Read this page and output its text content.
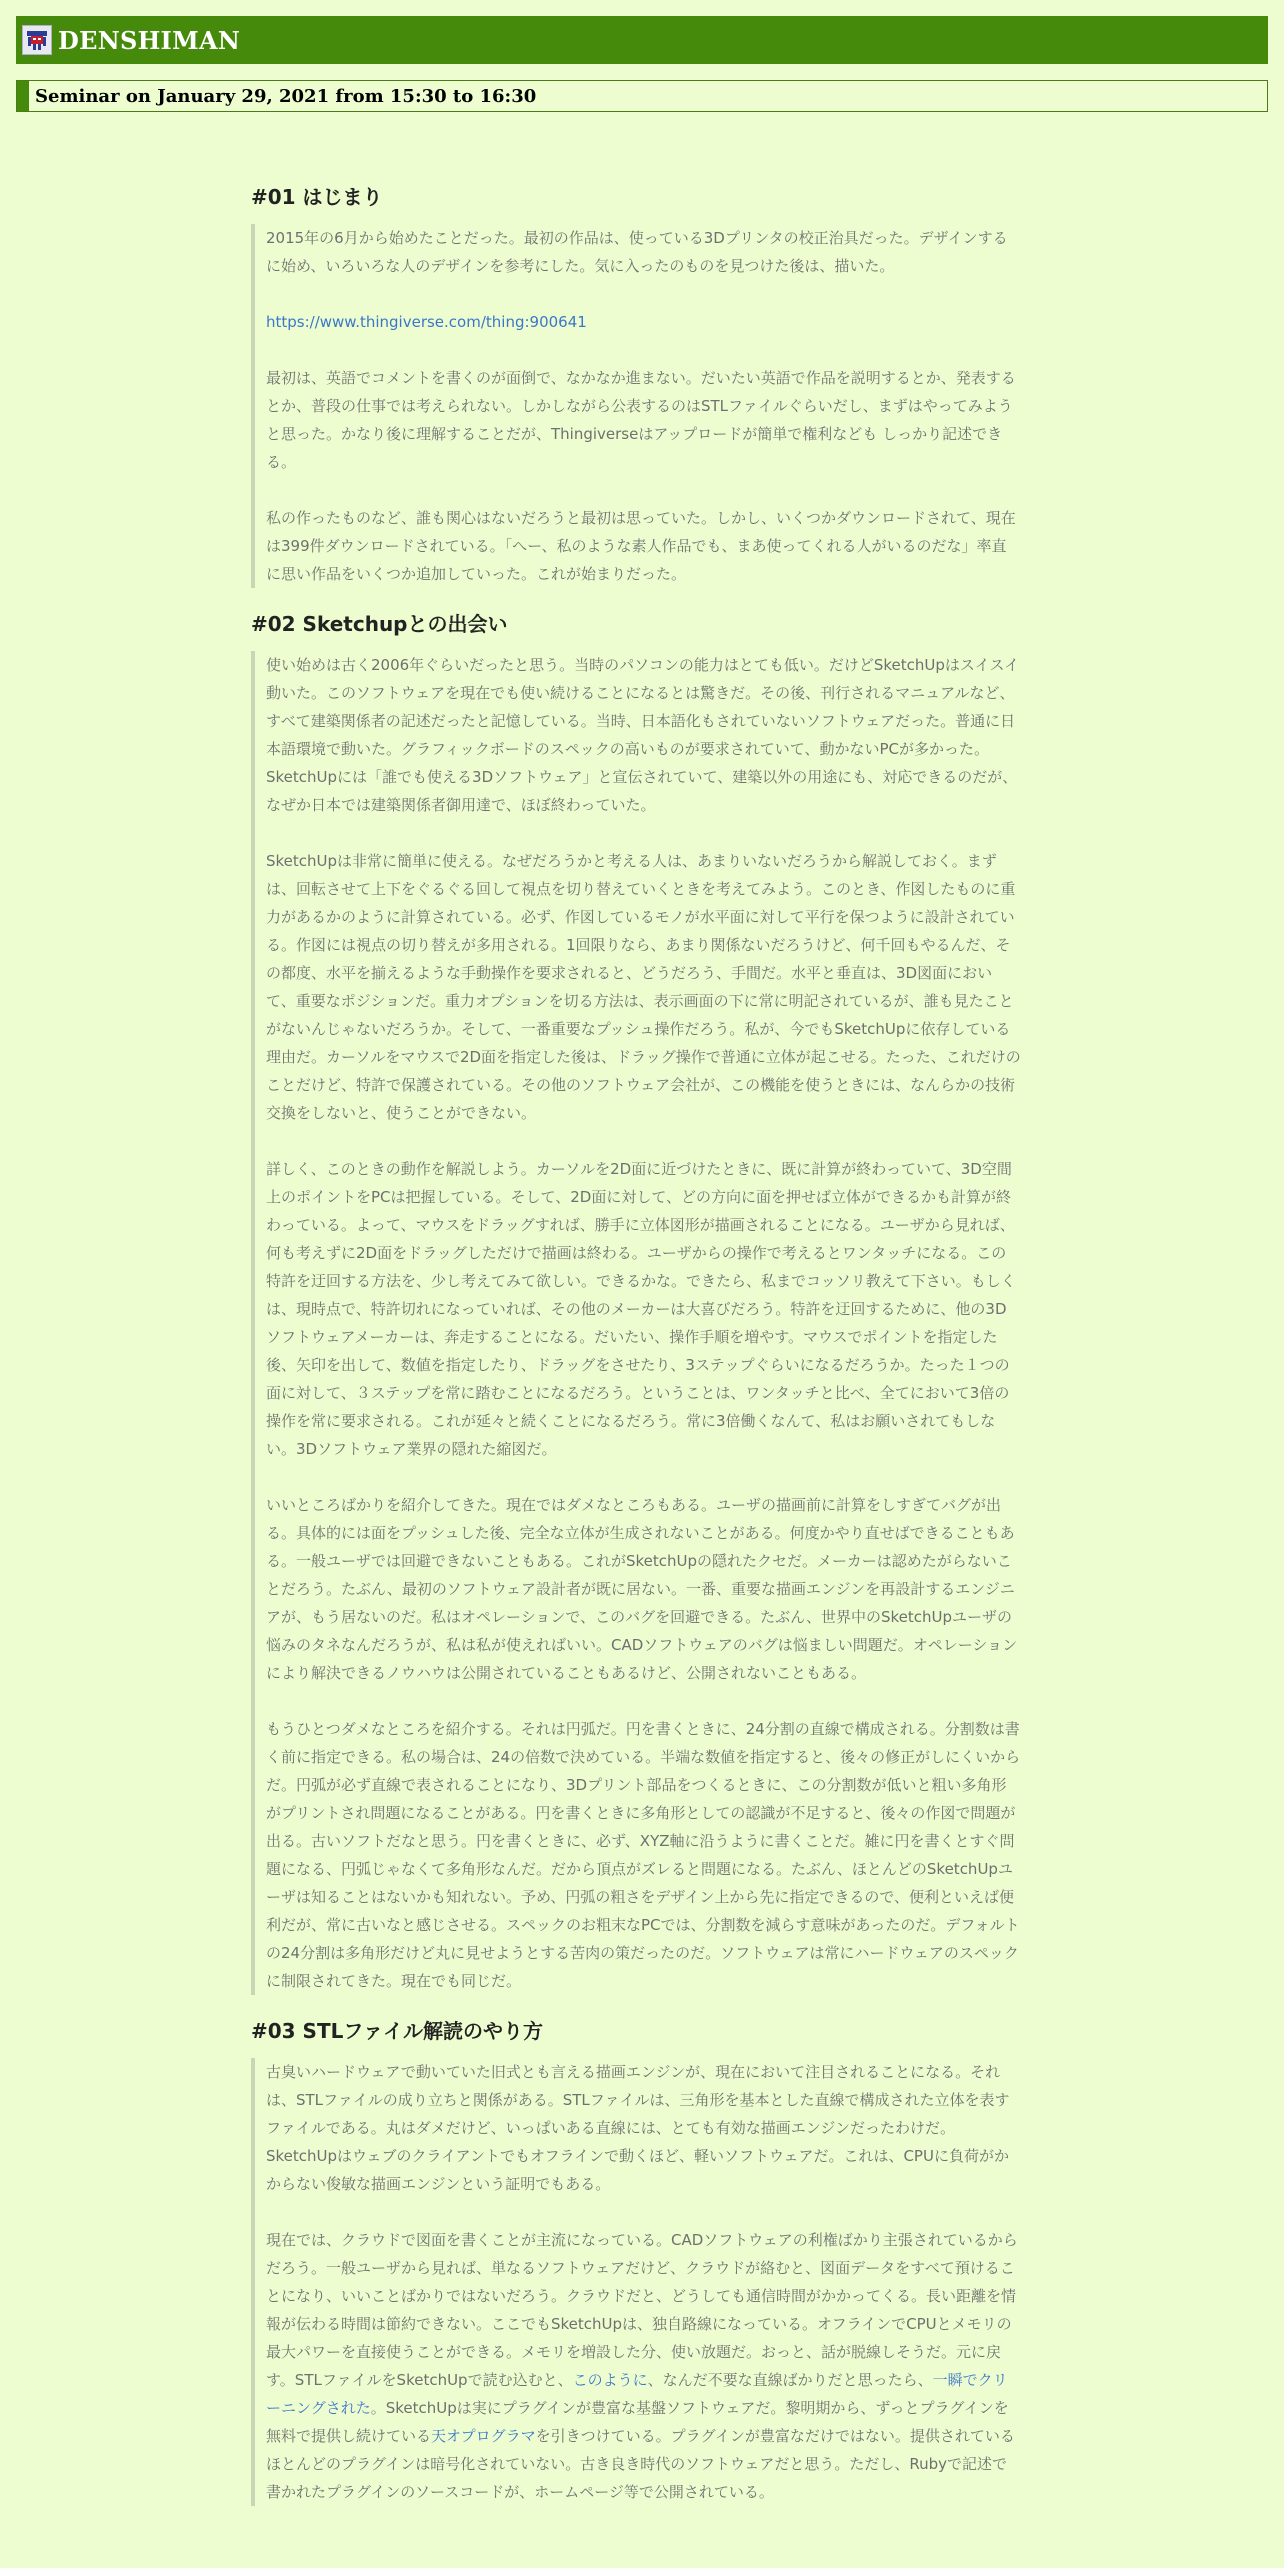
DENSHIMAN
Seminar on January 29, 2021 from 15:30 to 16:30
#01 はじまり

2015年の6月から始めたことだった。最初の作品は、使っている3Dプリンタの校正治具だった。デザインするに始め、いろいろな人のデザインを参考にした。気に入ったのものを見つけた後は、描いた。

https://www.thingiverse.com/thing:900641

最初は、英語でコメントを書くのが面倒で、なかなか進まない。だいたい英語で作品を説明するとか、発表するとか、普段の仕事では考えられない。しかしながら公表するのはSTLファイルぐらいだし、まずはやってみようと思った。かなり後に理解することだが、Thingiverseはアップロードが簡単で権利なども しっかり記述できる。

私の作ったものなど、誰も関心はないだろうと最初は思っていた。しかし、いくつかダウンロードされて、現在は399件ダウンロードされている。「へー、私のような素人作品でも、まあ使ってくれる人がいるのだな」率直に思い作品をいくつか追加していった。これが始まりだった。

#02 Sketchupとの出会い

使い始めは古く2006年ぐらいだったと思う。当時のパソコンの能力はとても低い。だけどSketchUpはスイスイ動いた。このソフトウェアを現在でも使い続けることになるとは驚きだ。その後、刊行されるマニュアルなど、すべて建築関係者の記述だったと記憶している。当時、日本語化もされていないソフトウェアだった。普通に日本語環境で動いた。グラフィックボードのスペックの高いものが要求されていて、動かないPCが多かった。SketchUpには「誰でも使える3Dソフトウェア」と宣伝されていて、建築以外の用途にも、対応できるのだが、なぜか日本では建築関係者御用達で、ほぼ終わっていた。

SketchUpは非常に簡単に使える。なぜだろうかと考える人は、あまりいないだろうから解説しておく。まずは、回転させて上下をぐるぐる回して視点を切り替えていくときを考えてみよう。このとき、作図したものに重力があるかのように計算されている。必ず、作図しているモノが水平面に対して平行を保つように設計されている。作図には視点の切り替えが多用される。1回限りなら、あまり関係ないだろうけど、何千回もやるんだ、その都度、水平を揃えるような手動操作を要求されると、どうだろう、手間だ。水平と垂直は、3D図面において、重要なポジションだ。重力オプションを切る方法は、表示画面の下に常に明記されているが、誰も見たことがないんじゃないだろうか。そして、一番重要なプッシュ操作だろう。私が、今でもSketchUpに依存している理由だ。カーソルをマウスで2D面を指定した後は、ドラッグ操作で普通に立体が起こせる。たった、これだけのことだけど、特許で保護されている。その他のソフトウェア会社が、この機能を使うときには、なんらかの技術交換をしないと、使うことができない。

詳しく、このときの動作を解説しよう。カーソルを2D面に近づけたときに、既に計算が終わっていて、3D空間上のポイントをPCは把握している。そして、2D面に対して、どの方向に面を押せば立体ができるかも計算が終わっている。よって、マウスをドラッグすれば、勝手に立体図形が描画されることになる。ユーザから見れば、何も考えずに2D面をドラッグしただけで描画は終わる。ユーザからの操作で考えるとワンタッチになる。この特許を迂回する方法を、少し考えてみて欲しい。できるかな。できたら、私までコッソリ教えて下さい。もしくは、現時点で、特許切れになっていれば、その他のメーカーは大喜びだろう。特許を迂回するために、他の3Dソフトウェアメーカーは、奔走することになる。だいたい、操作手順を増やす。マウスでポイントを指定した後、矢印を出して、数値を指定したり、ドラッグをさせたり、3ステップぐらいになるだろうか。たった１つの面に対して、３ステップを常に踏むことになるだろう。ということは、ワンタッチと比べ、全てにおいて3倍の操作を常に要求される。これが延々と続くことになるだろう。常に3倍働くなんて、私はお願いされてもしない。3Dソフトウェア業界の隠れた縮図だ。

いいところばかりを紹介してきた。現在ではダメなところもある。ユーザの描画前に計算をしすぎてバグが出る。具体的には面をプッシュした後、完全な立体が生成されないことがある。何度かやり直せばできることもある。一般ユーザでは回避できないこともある。これがSketchUpの隠れたクセだ。メーカーは認めたがらないことだろう。たぶん、最初のソフトウェア設計者が既に居ない。一番、重要な描画エンジンを再設計するエンジニアが、もう居ないのだ。私はオペレーションで、このバグを回避できる。たぶん、世界中のSketchUpユーザの悩みのタネなんだろうが、私は私が使えればいい。CADソフトウェアのバグは悩ましい問題だ。オペレーションにより解決できるノウハウは公開されていることもあるけど、公開されないこともある。

もうひとつダメなところを紹介する。それは円弧だ。円を書くときに、24分割の直線で構成される。分割数は書く前に指定できる。私の場合は、24の倍数で決めている。半端な数値を指定すると、後々の修正がしにくいからだ。円弧が必ず直線で表されることになり、3Dプリント部品をつくるときに、この分割数が低いと粗い多角形がプリントされ問題になることがある。円を書くときに多角形としての認識が不足すると、後々の作図で問題が出る。古いソフトだなと思う。円を書くときに、必ず、XYZ軸に沿うように書くことだ。雑に円を書くとすぐ問題になる、円弧じゃなくて多角形なんだ。だから頂点がズレると問題になる。たぶん、ほとんどのSketchUpユーザは知ることはないかも知れない。予め、円弧の粗さをデザイン上から先に指定できるので、便利といえば便利だが、常に古いなと感じさせる。スペックのお粗末なPCでは、分割数を減らす意味があったのだ。デフォルトの24分割は多角形だけど丸に見せようとする苦肉の策だったのだ。ソフトウェアは常にハードウェアのスペックに制限されてきた。現在でも同じだ。

#03 STLファイル解読のやり方

古臭いハードウェアで動いていた旧式とも言える描画エンジンが、現在において注目されることになる。それは、STLファイルの成り立ちと関係がある。STLファイルは、三角形を基本とした直線で構成された立体を表すファイルである。丸はダメだけど、いっぱいある直線には、とても有効な描画エンジンだったわけだ。SketchUpはウェブのクライアントでもオフラインで動くほど、軽いソフトウェアだ。これは、CPUに負荷がかからない俊敏な描画エンジンという証明でもある。

現在では、クラウドで図面を書くことが主流になっている。CADソフトウェアの利権ばかり主張されているからだろう。一般ユーザから見れば、単なるソフトウェアだけど、クラウドが絡むと、図面データをすべて預けることになり、いいことばかりではないだろう。クラウドだと、どうしても通信時間がかかってくる。長い距離を情報が伝わる時間は節約できない。ここでもSketchUpは、独自路線になっている。オフラインでCPUとメモリの最大パワーを直接使うことができる。メモリを増設した分、使い放題だ。おっと、話が脱線しそうだ。元に戻す。STLファイルをSketchUpで読む込むと、このように、なんだ不要な直線ばかりだと思ったら、一瞬でクリーニングされた。SketchUpは実にプラグインが豊富な基盤ソフトウェアだ。黎明期から、ずっとプラグインを無料で提供し続けている天オプログラマを引きつけている。プラグインが豊富なだけではない。提供されているほとんどのプラグインは暗号化されていない。古き良き時代のソフトウェアだと思う。ただし、Rubyで記述で書かれたプラグインのソースコードが、ホームページ等で公開されている。
